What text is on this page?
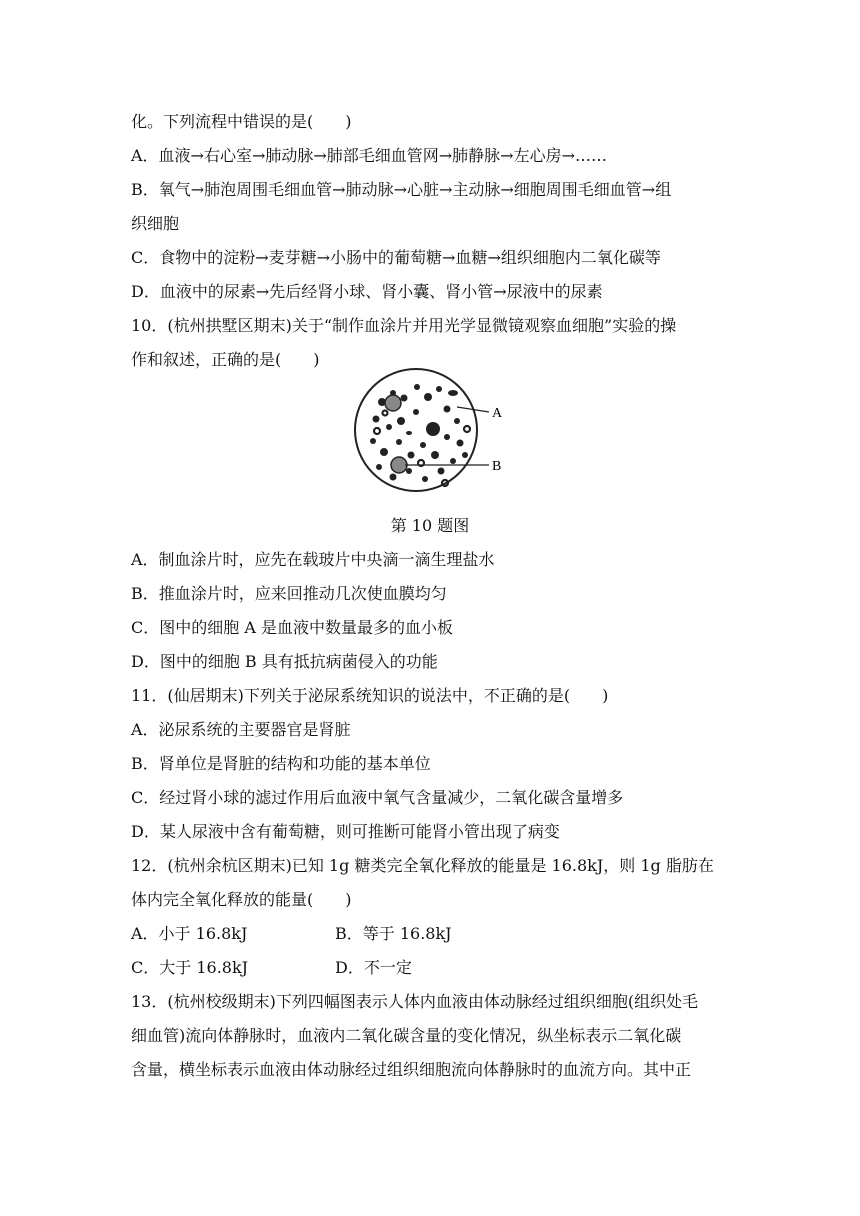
化。下列流程中错误的是(　　)
A．血液→右心室→肺动脉→肺部毛细血管网→肺静脉→左心房→……
B．氧气→肺泡周围毛细血管→肺动脉→心脏→主动脉→细胞周围毛细血管→组
织细胞
C．食物中的淀粉→麦芽糖→小肠中的葡萄糖→血糖→组织细胞内二氧化碳等
D．血液中的尿素→先后经肾小球、肾小囊、肾小管→尿液中的尿素
10．(杭州拱墅区期末)关于“制作血涂片并用光学显微镜观察血细胞”实验的操
作和叙述，正确的是(　　)
A
B
第 10 题图
A．制血涂片时，应先在载玻片中央滴一滴生理盐水
B．推血涂片时，应来回推动几次使血膜均匀
C．图中的细胞 A 是血液中数量最多的血小板
D．图中的细胞 B 具有抵抗病菌侵入的功能
11．(仙居期末)下列关于泌尿系统知识的说法中，不正确的是(　　)
A．泌尿系统的主要器官是肾脏
B．肾单位是肾脏的结构和功能的基本单位
C．经过肾小球的滤过作用后血液中氧气含量减少，二氧化碳含量增多
D．某人尿液中含有葡萄糖，则可推断可能肾小管出现了病变
12．(杭州余杭区期末)已知 1g 糖类完全氧化释放的能量是 16.8kJ，则 1g 脂肪在
体内完全氧化释放的能量(　　)
A．小于 16.8kJ	B．等于 16.8kJ
C．大于 16.8kJ	D．不一定
13．(杭州校级期末)下列四幅图表示人体内血液由体动脉经过组织细胞(组织处毛
细血管)流向体静脉时，血液内二氧化碳含量的变化情况，纵坐标表示二氧化碳
含量，横坐标表示血液由体动脉经过组织细胞流向体静脉时的血流方向。其中正
